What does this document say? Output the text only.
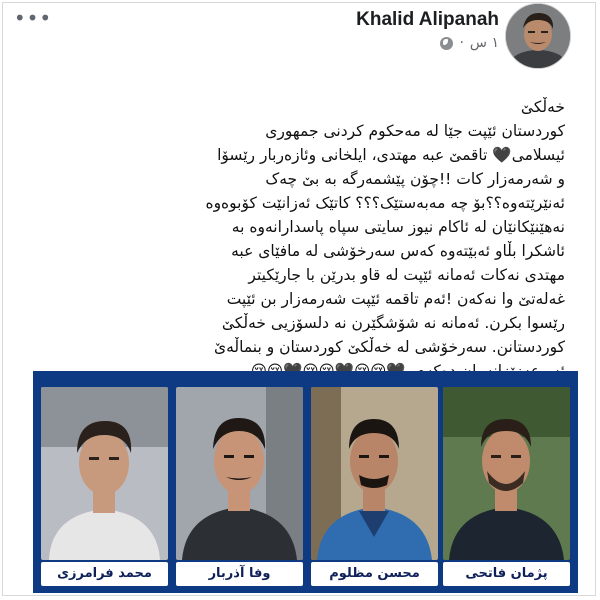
•••	Khalid Alipanah
· ١ س

خەڵکێ

کوردستان ئێپت جێا لە مەحکوم کردنی جمهوری

ئیسلامی🖤 تاقمێ عبە مهتدی، ایلخانی وئازەربار رێسۆا

و شەرمەزار کات !!چۆن پێشمەرگە بە بێ چەک

ئەنێرێتەوە؟؟بۆ چە مەبەستێک؟؟؟ کاتێک ئەزانێت کۆبوەوە

نەهێنێکانێان لە ئاکام نیوز سایتی سپاه پاسدارانەوە بە

ئاشکرا بڵاو ئەبێتەوە کەس سەرخۆشی لە مافێای عبە

مهتدی نەکات ئەمانە ئێپت لە قاو بدرێن با جارێکیتر

غەلەتێ وا نەکەن !ئەم تاقمە ئێپت شەرمەزار بن ئێپت

رێسوا بکرن. ئەمانە نە شۆشگێرن نە دلسۆزیی خەڵکێ

کوردستانن. سەرخۆشی لە خەڵکێ کوردستان و بنماڵەێ

محمد فرامرزی	وفا آذربار	محسن مظلوم	پژمان فاتحی
